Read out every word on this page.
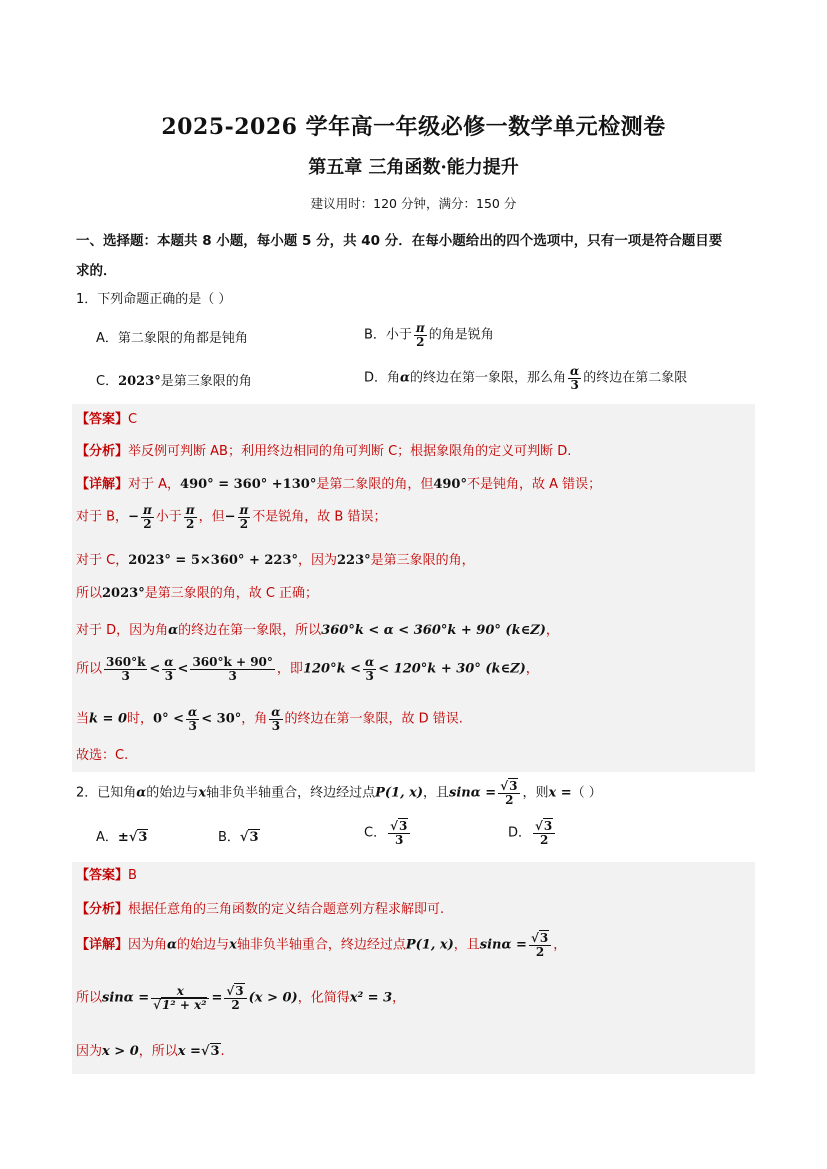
2025-2026 学年高一年级必修一数学单元检测卷
第五章 三角函数·能力提升
建议用时：120 分钟，满分：150 分
一、选择题：本题共 8 小题，每小题 5 分，共 40 分．在每小题给出的四个选项中，只有一项是符合题目要
求的．
1．下列命题正确的是（ ）
A．第二象限的角都是钝角	B．小于 $\frac{\pi}{2}$ 的角是锐角
C．2023°是第三象限的角	D．角α的终边在第一象限，那么角 $\frac{\alpha}{3}$ 的终边在第二象限
【答案】C
【分析】举反例可判断 AB；利用终边相同的角可判断 C；根据象限角的定义可判断 D.
【详解】对于 A，490° = 360° +130°是第二象限的角，但490°不是钝角，故 A 错误；
对于 B，− $\frac{\pi}{2}$ 小于 $\frac{\pi}{2}$ ，但− $\frac{\pi}{2}$ 不是锐角，故 B 错误；
对于 C，2023° = 5×360° + 223°，因为223°是第三象限的角，
所以2023°是第三象限的角，故 C 正确；
对于 D，因为角α的终边在第一象限，所以360°k < α < 360°k + 90° (k∈Z)，
所以 $\frac{360^\circ k}{3} < \frac{\alpha}{3} < \frac{360^\circ k + 90^\circ}{3}$ ，即$120^\circ k < \frac{\alpha}{3} < 120^\circ k + 30^\circ$ (k∈Z)，
当k = 0时，$0^\circ < \frac{\alpha}{3} < 30^\circ$，角 $\frac{\alpha}{3}$ 的终边在第一象限，故 D 错误.
故选：C.
2．已知角α的始边与x轴非负半轴重合，终边经过点P(1, x)，且$\sin\alpha = \frac{√3}{2}$ ，则x =（ ）
A．±√3	B．√3	C． $\frac{√3}{3}$	D． $\frac{√3}{2}$
【答案】B
【分析】根据任意角的三角函数的定义结合题意列方程求解即可.
【详解】因为角α的始边与x轴非负半轴重合，终边经过点P(1, x)，且$\sin\alpha = \frac{√3}{2}$ ，
所以$\sin\alpha = \frac{x}{\text{√1² + x²}} = \frac{√3}{2} (x > 0)$，化简得x² = 3，
因为x > 0，所以x =√3.
